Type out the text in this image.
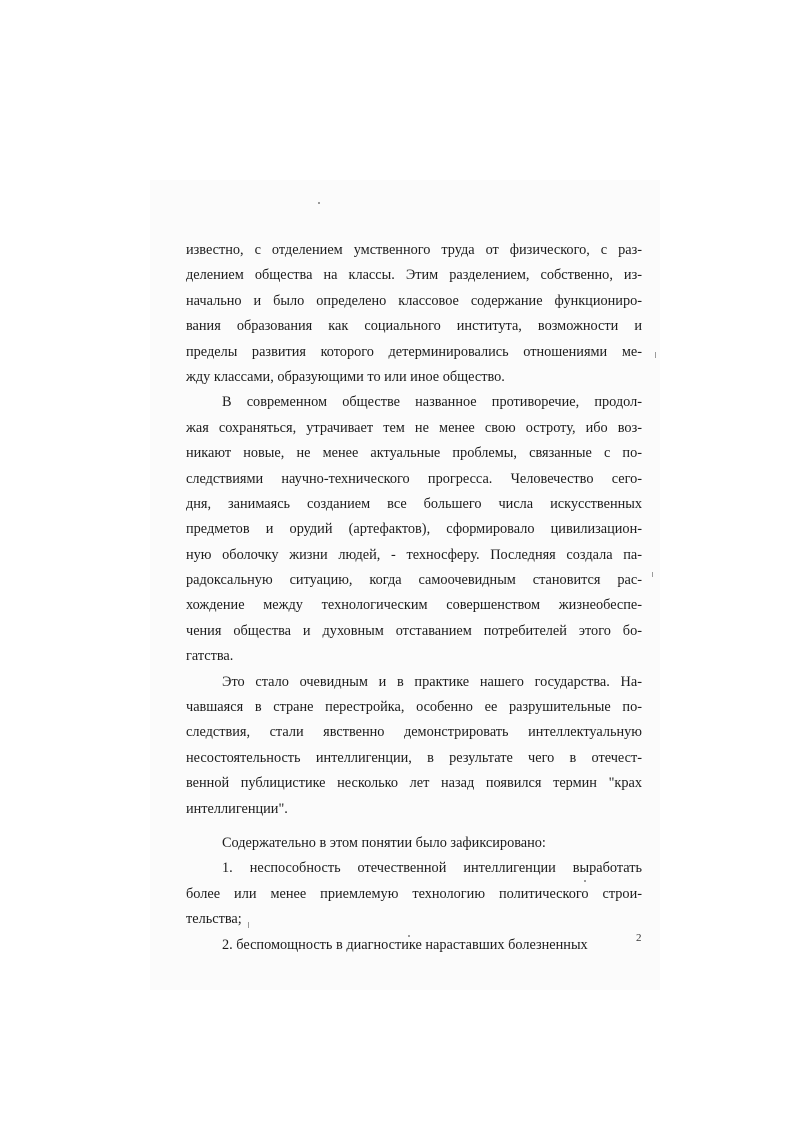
известно, с отделением умственного труда от физического, с раз-
делением общества на классы. Этим разделением, собственно, из-
начально и было определено классовое содержание функциониро-
вания образования как социального института, возможности и
пределы развития которого детерминировались отношениями ме-
жду классами, образующими то или иное общество.
В современном обществе названное противоречие, продол-
жая сохраняться, утрачивает тем не менее свою остроту, ибо воз-
никают новые, не менее актуальные проблемы, связанные с по-
следствиями научно-технического прогресса. Человечество сего-
дня, занимаясь созданием все большего числа искусственных
предметов и орудий (артефактов), сформировало цивилизацион-
ную оболочку жизни людей, - техносферу. Последняя создала па-
радоксальную ситуацию, когда самоочевидным становится рас-
хождение между технологическим совершенством жизнеобеспе-
чения общества и духовным отставанием потребителей этого бо-
гатства.
Это стало очевидным и в практике нашего государства. На-
чавшаяся в стране перестройка, особенно ее разрушительные по-
следствия, стали явственно демонстрировать интеллектуальную
несостоятельность интеллигенции, в результате чего в отечест-
венной публицистике несколько лет назад появился термин "крах
интеллигенции".
Содержательно в этом понятии было зафиксировано:
1. неспособность отечественной интеллигенции выработать
более или менее приемлемую технологию политического строи-
тельства;
2. беспомощность в диагностике нараставших болезненных	2
